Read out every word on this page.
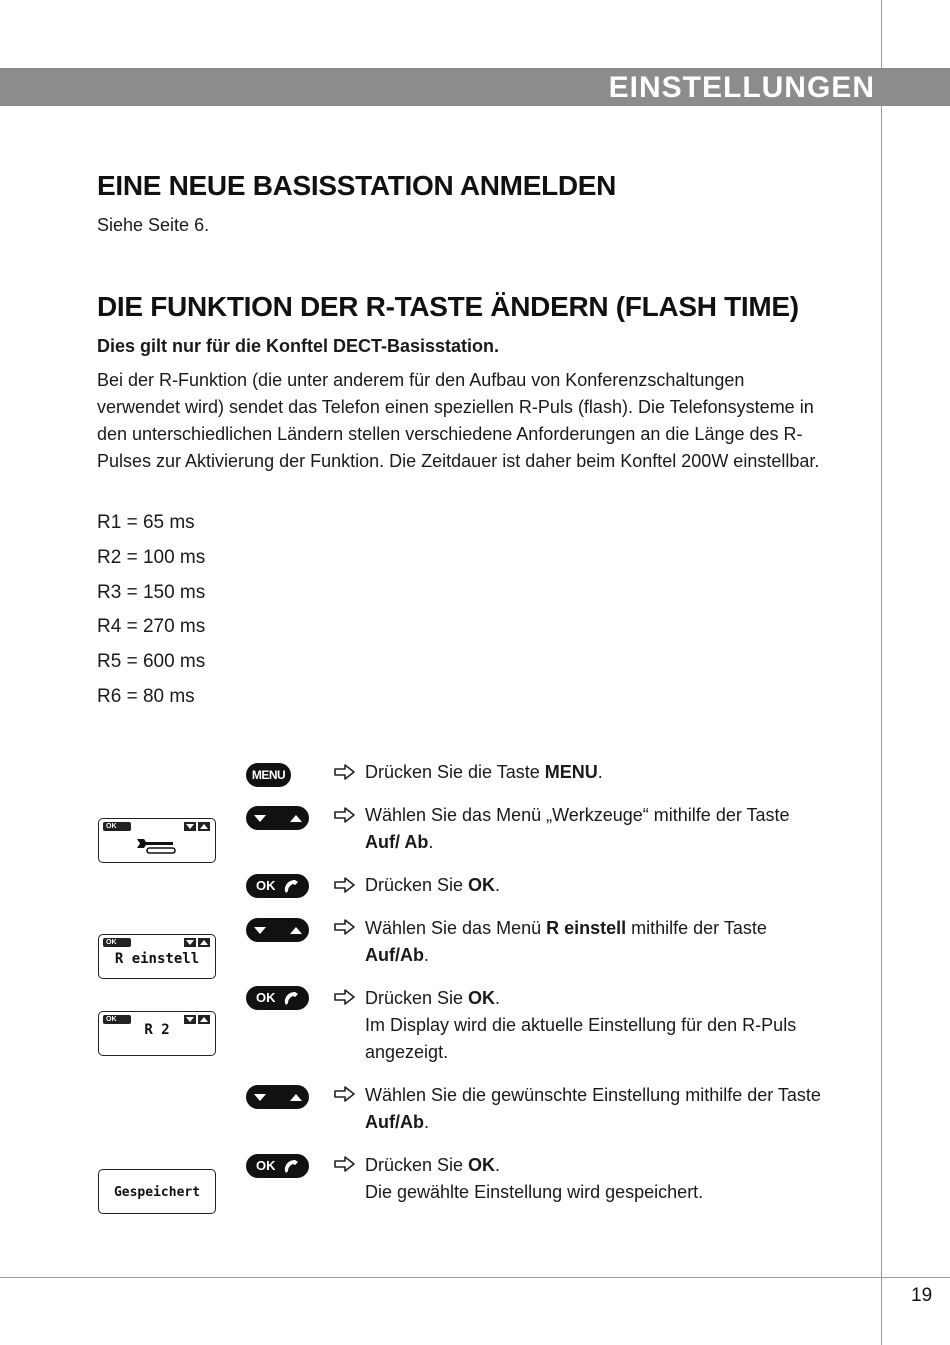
EINSTELLUNGEN
EINE NEUE BASISSTATION ANMELDEN
Siehe Seite 6.
DIE FUNKTION DER R-TASTE ÄNDERN (FLASH TIME)
Dies gilt nur für die Konftel DECT-Basisstation.
Bei der R-Funktion (die unter anderem für den Aufbau von Konferenzschaltungen verwendet wird) sendet das Telefon einen speziellen R-Puls (flash). Die Telefonsysteme in den unterschiedlichen Ländern stellen verschiedene Anforderungen an die Länge des R-Pulses zur Aktivierung der Funktion. Die Zeitdauer ist daher beim Konftel 200W einstellbar.
R1 = 65 ms
R2 = 100 ms
R3 = 150 ms
R4 = 270 ms
R5 = 600 ms
R6 = 80 ms
MENU	Drücken Sie die Taste MENU.
OK
Wählen Sie das Menü „Werkzeuge“ mithilfe der Taste Auf/ Ab.
OK	Drücken Sie OK.
OK
R einstell
Wählen Sie das Menü R einstell mithilfe der Taste Auf/Ab.
OK
R 2
OK	Drücken Sie OK.
Im Display wird die aktuelle Einstellung für den R-Puls angezeigt.
Wählen Sie die gewünschte Einstellung mithilfe der Taste Auf/Ab.
Gespeichert
OK	Drücken Sie OK.
Die gewählte Einstellung wird gespeichert.
19
